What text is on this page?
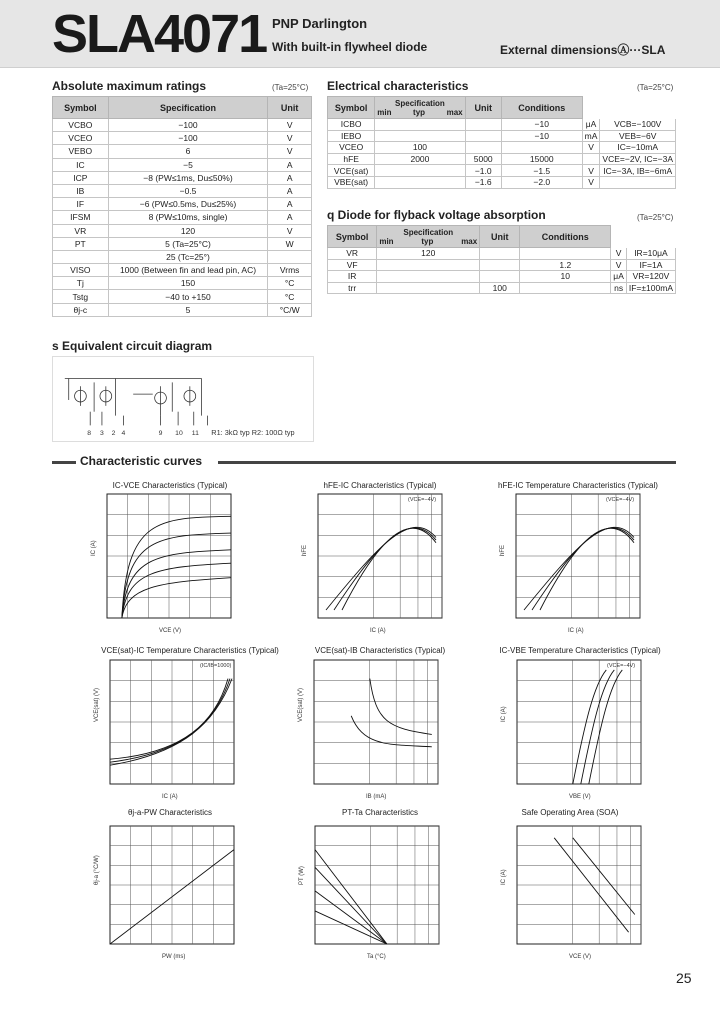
SLA4071 PNP Darlington
With built-in flywheel diode	External dimensionsⒶ···SLA
Absolute maximum ratings	(Ta=25°C)
Symbol	Specification	Unit
VCBO	−100	V
VCEO	−100	V
VEBO	6	V
IC	−5	A
ICP	−8 (PW≤1ms, Du≤50%)	A
IB	−0.5	A
IF	−6 (PW≤0.5ms, Du≤25%)	A
IFSM	8 (PW≤10ms, single)	A
VR	120	V
PT	5 (Ta=25°C)	W
	25 (Tc=25°)	
VISO	1000 (Between fin and lead pin, AC)	Vrms
Tj	150	°C
Tstg	−40 to +150	°C
θj-c	5	°C/W
Electrical characteristics	(Ta=25°C)
Symbol	Specification
min typ max	Unit	Conditions		
ICBO			−10	μA	VCB=−100V
IEBO			−10	mA	VEB=−6V
VCEO	100			V	IC=−10mA
hFE	2000	5000	15000		VCE=−2V, IC=−3A
VCE(sat)		−1.0	−1.5	V	IC=−3A, IB=−6mA
VBE(sat)		−1.6	−2.0	V	
q Diode for flyback voltage absorption	(Ta=25°C)
Symbol	Specification
min typ max	Unit	Conditions		
VR	120			V	IR=10μA
VF			1.2	V	IF=1A
IR			10	μA	VR=120V
trr		100		ns	IF=±100mA
s Equivalent circuit diagram
8 3 2 4	9 10 11 R1: 3kΩ typ R2: 100Ω typ
Characteristic curves
IC-VCE Characteristics (Typical)
VCE (V)
IC (A)
hFE-IC Characteristics (Typical)
IC (A)
hFE
(VCE=−4V)
hFE-IC Temperature Characteristics (Typical)
IC (A)
hFE
(VCE=−4V)
VCE(sat)-IC Temperature Characteristics (Typical)
IC (A)
VCE(sat) (V)
(IC/IB=1000)
VCE(sat)-IB Characteristics (Typical)
IB (mA)
VCE(sat) (V)
IC-VBE Temperature Characteristics (Typical)
VBE (V)
IC (A)
(VCE=−4V)
θj-a-PW Characteristics
PW (ms)
θj-a (°C/W)
PT-Ta Characteristics
Ta (°C)
PT (W)
Safe Operating Area (SOA)
VCE (V)
IC (A)
25
